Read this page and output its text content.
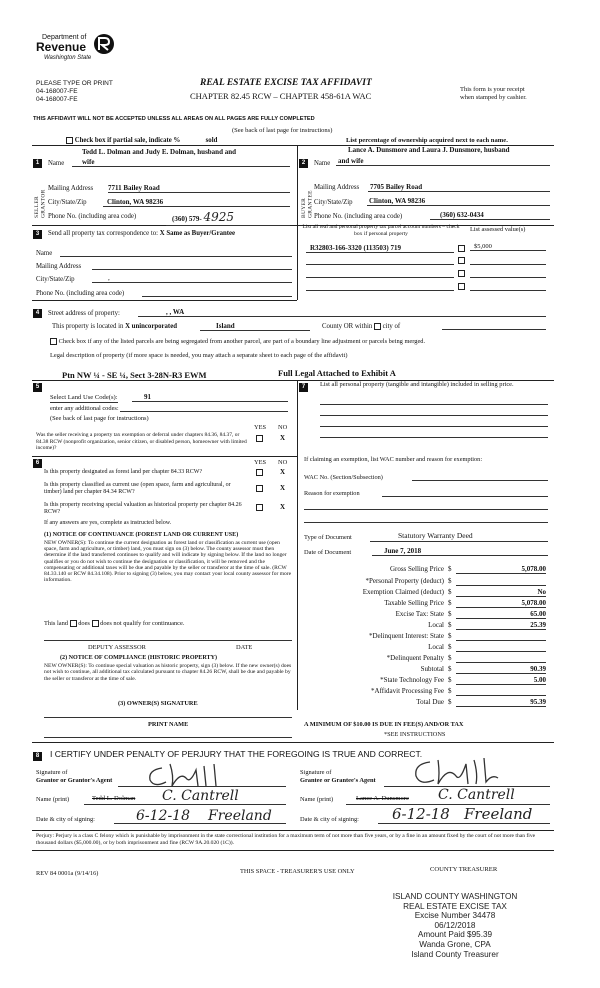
Department of
Revenue
Washington State
PLEASE TYPE OR PRINT
04-168007-FE
04-168007-FE
REAL ESTATE EXCISE TAX AFFIDAVIT
CHAPTER 82.45 RCW – CHAPTER 458-61A WAC
This form is your receipt
when stamped by cashier.
THIS AFFIDAVIT WILL NOT BE ACCEPTED UNLESS ALL AREAS ON ALL PAGES ARE FULLY COMPLETED
(See back of last page for instructions)
Check box if partial sale, indicate %	sold	List percentage of ownership acquired next to each name.
1
SELLER GRANTOR
Name
Tedd L. Dolman and Judy E. Dolman, husband and
wife
Mailing Address 7711 Bailey Road
City/State/Zip	Clinton, WA 98236
Phone No. (including area code)	(360) 579- 4925
2
BUYER GRANTEE
Name
Lance A. Dunsmore and Laura J. Dunsmore, husband
and wife
Mailing Address 7705 Bailey Road
City/State/Zip Clinton, WA 98236
Phone No. (including area code)	(360) 632-0434
3	Send all property tax correspondence to: X Same as Buyer/Grantee
Name
Mailing Address
City/State/Zip	,
Phone No. (including area code)
List all real and personal property tax parcel account numbers – check box if personal property
List assessed value(s)
R32803-166-3320 (113503) 719	$5,000
4	Street address of property:	, , WA
This property is located in X unincorporated	Island	County OR within city of
Check box if any of the listed parcels are being segregated from another parcel, are part of a boundary line adjustment or parcels being merged.
Legal description of property (if more space is needed, you may attach a separate sheet to each page of the affidavit)
Ptn NW ¼ - SE ¼, Sect 3-28N-R3 EWM	Full Legal Attached to Exhibit A
5
Select Land Use Code(s):	91
enter any additional codes:
(See back of last page for instructions)
YES NO
Was the seller receiving a property tax exemption or deferral under chapters 84.36, 84.37, or 84.38 RCW (nonprofit organization, senior citizen, or disabled person, homeowner with limited income)?
X
6	YES NO
Is this property designated as forest land per chapter 84.33 RCW?	X
Is this property classified as current use (open space, farm and agricultural, or timber) land per chapter 84.34 RCW?	X
Is this property receiving special valuation as historical property per chapter 84.26 RCW?
X
If any answers are yes, complete as instructed below.
(1) NOTICE OF CONTINUANCE (FOREST LAND OR CURRENT USE)
NEW OWNER(S): To continue the current designation as forest land or classification as current use (open space, farm and agriculture, or timber) land, you must sign on (3) below. The county assessor must then determine if the land transferred continues to qualify and will indicate by signing below. If the land no longer qualifies or you do not wish to continue the designation or classification, it will be removed and the compensating or additional taxes will be due and payable by the seller or transferor at the time of sale. (RCW 84.33.140 or RCW 84.34.108). Prior to signing (3) below, you may contact your local county assessor for more information.
This land does does not qualify for continuance.
DEPUTY ASSESSOR	DATE
(2) NOTICE OF COMPLIANCE (HISTORIC PROPERTY)
NEW OWNER(S): To continue special valuation as historic property, sign (3) below. If the new owner(s) does not wish to continue, all additional tax calculated pursuant to chapter 84.26 RCW, shall be due and payable by the seller or transferor at the time of sale.
(3) OWNER(S) SIGNATURE
PRINT NAME
7	List all personal property (tangible and intangible) included in selling price.
If claiming an exemption, list WAC number and reason for exemption:
WAC No. (Section/Subsection)
Reason for exemption
Type of Document	Statutory Warranty Deed
Date of Document	June 7, 2018
Gross Selling Price $	5,078.00
*Personal Property (deduct) $
Exemption Claimed (deduct) $	No
Taxable Selling Price $	5,078.00
Excise Tax: State $	65.00
Local $	25.39
*Delinquent Interest: State $
Local $
*Delinquent Penalty $
Subtotal $	90.39
*State Technology Fee $	5.00
*Affidavit Processing Fee $
Total Due $	95.39
A MINIMUM OF $10.00 IS DUE IN FEE(S) AND/OR TAX
*SEE INSTRUCTIONS
8	I CERTIFY UNDER PENALTY OF PERJURY THAT THE FOREGOING IS TRUE AND CORRECT.
Signature of
Grantor or Grantor's Agent
Signature of
Grantee or Grantee's Agent
Name (print)	Tedd L. Dolman C. Cantrell	Name (print)	Lance A. Dunsmore C. Cantrell
Date & city of signing:	6-12-18 Freeland	Date & city of signing: 6-12-18 Freeland
Perjury: Perjury is a class C felony which is punishable by imprisonment in the state correctional institution for a maximum term of not more than five years, or by a fine in an amount fixed by the court of not more than five thousand dollars ($5,000.00), or by both imprisonment and fine (RCW 9A.20.020 (1C)).
REV 84 0001a (9/14/16)	THIS SPACE - TREASURER'S USE ONLY	COUNTY TREASURER
ISLAND COUNTY WASHINGTON
REAL ESTATE EXCISE TAX
Excise Number 34478
06/12/2018
Amount Paid $95.39
Wanda Grone, CPA
Island County Treasurer
